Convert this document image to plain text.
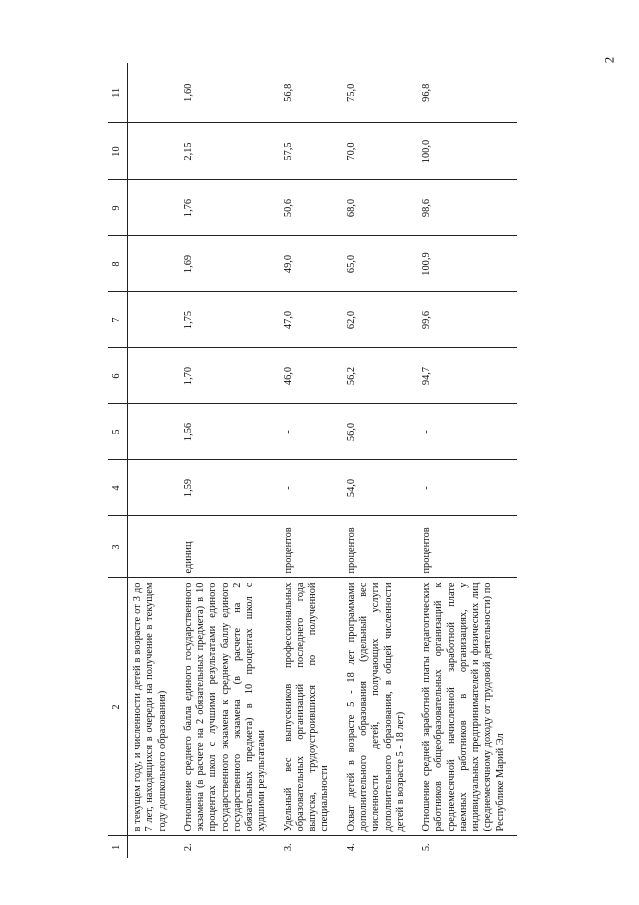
2
1	2	3	4	5	6	7	8	9	10	11
	в текущем году, и численности детей в возрасте от 3 до 7 лет, находящихся в очереди на получение в текущем году дошкольного образования)									
2.	Отношение среднего балла единого государственного экзамена (в расчете на 2 обязательных предмета) в 10 процентах школ с лучшими результатами единого государственного экзамена к среднему баллу единого государственного экзамена (в расчете на 2 обязательных предмета) в 10 процентах школ с худшими результатами	единиц	1,59	1,56	1,70	1,75	1,69	1,76	2,15	1,60
3.	Удельный вес выпускников профессиональных образовательных организаций последнего года выпуска, трудоустроившихся по полученной специальности	процентов	-	-	46,0	47,0	49,0	50,6	57,5	56,8
4.	Охват детей в возрасте 5 - 18 лет программами дополнительного образования (удельный вес численности детей, получающих услуги дополнительного образования, в общей численности детей в возрасте 5 - 18 лет)	процентов	54,0	56,0	56,2	62,0	65,0	68,0	70,0	75,0
5.	Отношение средней заработной платы педагогических работников общеобразовательных организаций к среднемесячной начисленной заработной плате наемных работников в организациях, у индивидуальных предпринимателей и физических лиц (среднемесячному доходу от трудовой деятельности) по Республике Марий Эл	процентов	-	-	94,7	99,6	100,9	98,6	100,0	96,8
